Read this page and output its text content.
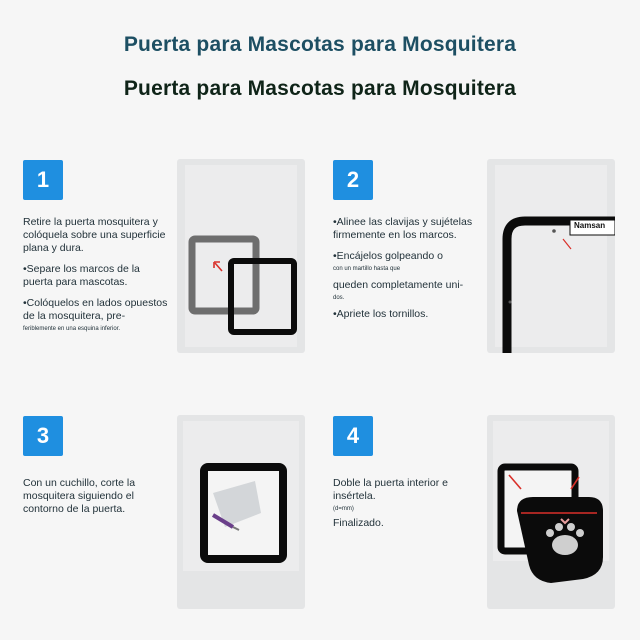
Puerta para Mascotas para Mosquitera
Puerta para Mascotas para Mosquitera
1
Retire la puerta mosquitera y colóquela sobre una superficie plana y dura.
•Separe los marcos de la puerta para mascotas.
•Colóquelos en lados opuestos de la mosquitera, pre-
feriblemente en una esquina inferior.
2
•Alinee las clavijas y sujételas firmemente en los marcos.
•Encájelos golpeando o
con un martillo hasta que
queden completamente uni-
dos.
•Apriete los tornillos.
Namsan
3
Con un cuchillo, corte la mosquitera siguiendo el contorno de la puerta.
4
Doble la puerta interior e insértela.
(d=mm)
Finalizado.
